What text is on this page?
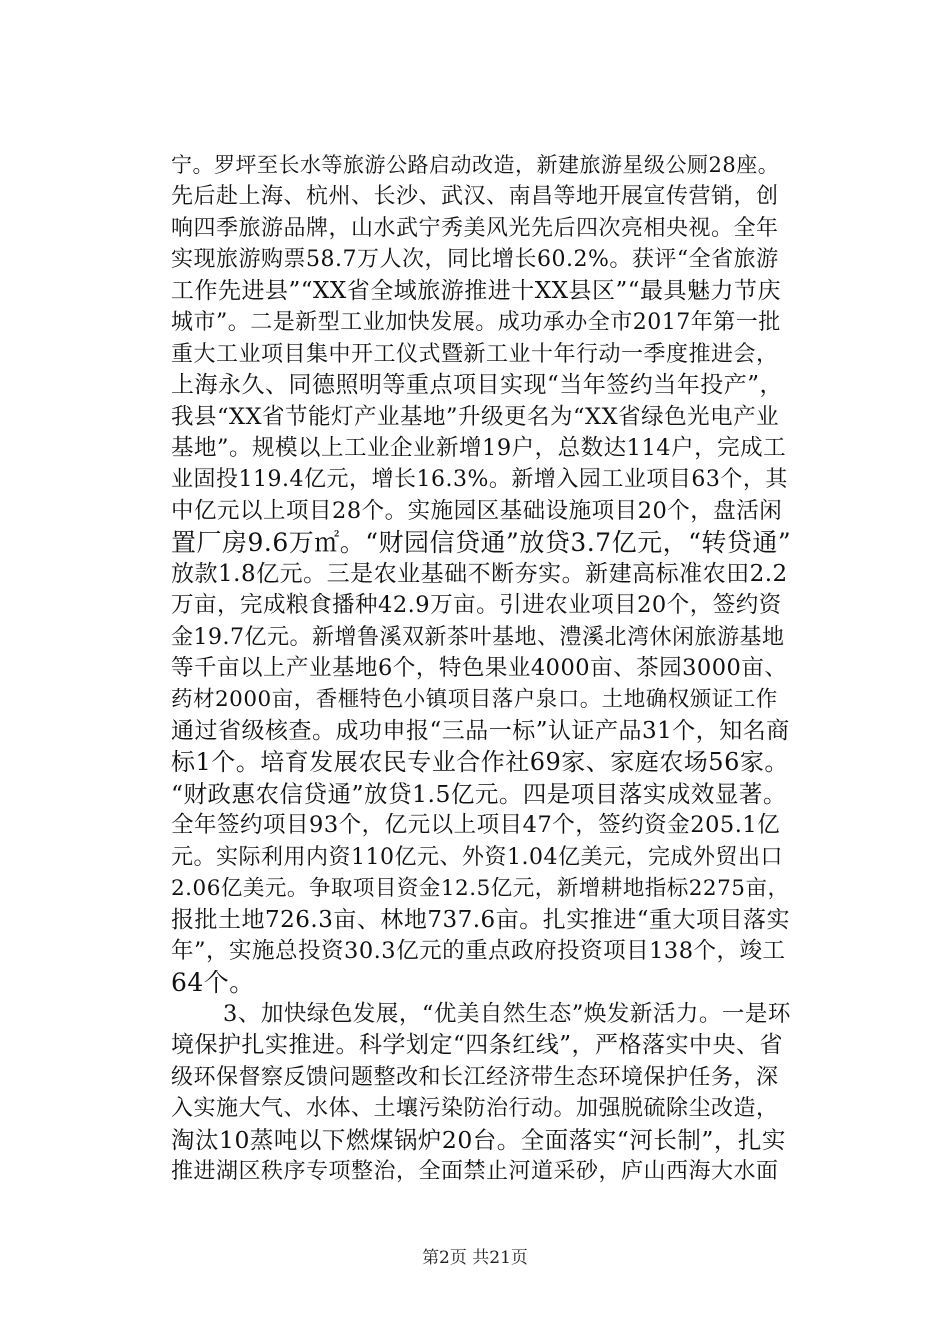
宁。罗坪至长水等旅游公路启动改造，新建旅游星级公厕28座。
先后赴上海、杭州、长沙、武汉、南昌等地开展宣传营销，创
响四季旅游品牌，山水武宁秀美风光先后四次亮相央视。全年
实现旅游购票58.7万人次，同比增长60.2%。获评“全省旅游
工作先进县”“XX省全域旅游推进十XX县区”“最具魅力节庆
城市”。二是新型工业加快发展。成功承办全市2017年第一批
重大工业项目集中开工仪式暨新工业十年行动一季度推进会，
上海永久、同德照明等重点项目实现“当年签约当年投产”，
我县“XX省节能灯产业基地”升级更名为“XX省绿色光电产业
基地”。规模以上工业企业新增19户，总数达114户，完成工
业固投119.4亿元，增长16.3%。新增入园工业项目63个，其
中亿元以上项目28个。实施园区基础设施项目20个，盘活闲
置厂房9.6万㎡。“财园信贷通”放贷3.7亿元，“转贷通”
放款1.8亿元。三是农业基础不断夯实。新建高标准农田2.2
万亩，完成粮食播种42.9万亩。引进农业项目20个，签约资
金19.7亿元。新增鲁溪双新茶叶基地、澧溪北湾休闲旅游基地
等千亩以上产业基地6个，特色果业4000亩、茶园3000亩、
药材2000亩，香榧特色小镇项目落户泉口。土地确权颁证工作
通过省级核查。成功申报“三品一标”认证产品31个，知名商
标1个。培育发展农民专业合作社69家、家庭农场56家。
“财政惠农信贷通”放贷1.5亿元。四是项目落实成效显著。
全年签约项目93个，亿元以上项目47个，签约资金205.1亿
元。实际利用内资110亿元、外资1.04亿美元，完成外贸出口
2.06亿美元。争取项目资金12.5亿元，新增耕地指标2275亩，
报批土地726.3亩、林地737.6亩。扎实推进“重大项目落实
年”，实施总投资30.3亿元的重点政府投资项目138个，竣工
64个。
3、加快绿色发展，“优美自然生态”焕发新活力。一是环
境保护扎实推进。科学划定“四条红线”，严格落实中央、省
级环保督察反馈问题整改和长江经济带生态环境保护任务，深
入实施大气、水体、土壤污染防治行动。加强脱硫除尘改造，
淘汰10蒸吨以下燃煤锅炉20台。全面落实“河长制”，扎实
推进湖区秩序专项整治，全面禁止河道采砂，庐山西海大水面
第2页 共21页
